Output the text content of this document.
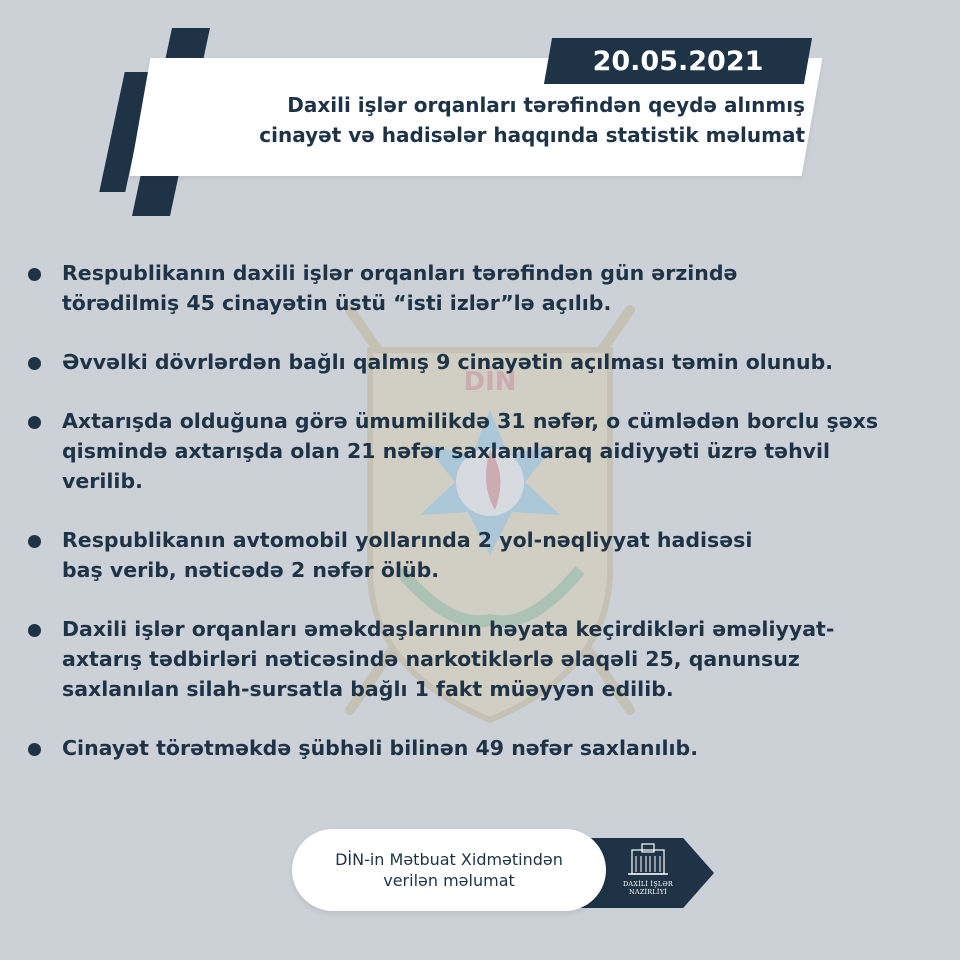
DİN
20.05.2021
Daxili işlər orqanları tərəfindən qeydə alınmış
cinayət və hadisələr haqqında statistik məlumat
Respublikanın daxili işlər orqanları tərəfindən gün ərzində törədilmiş 45 cinayətin üstü “isti izlər”lə açılıb.
Əvvəlki dövrlərdən bağlı qalmış 9 cinayətin açılması təmin olunub.
Axtarışda olduğuna görə ümumilikdə 31 nəfər, o cümlədən borclu şəxs qismində axtarışda olan 21 nəfər saxlanılaraq aidiyyəti üzrə təhvil verilib.
Respublikanın avtomobil yollarında 2 yol-nəqliyyat hadisəsi baş verib, nəticədə 2 nəfər ölüb.
Daxili işlər orqanları əməkdaşlarının həyata keçirdikləri əməliyyat-axtarış tədbirləri nəticəsində narkotiklərlə əlaqəli 25, qanunsuz saxlanılan silah-sursatla bağlı 1 fakt müəyyən edilib.
Cinayət törətməkdə şübhəli bilinən 49 nəfər saxlanılıb.
DİN-in Mətbuat Xidmətindən
verilən məlumat	DAXİLİ İŞLƏR NAZİRLİYİ
